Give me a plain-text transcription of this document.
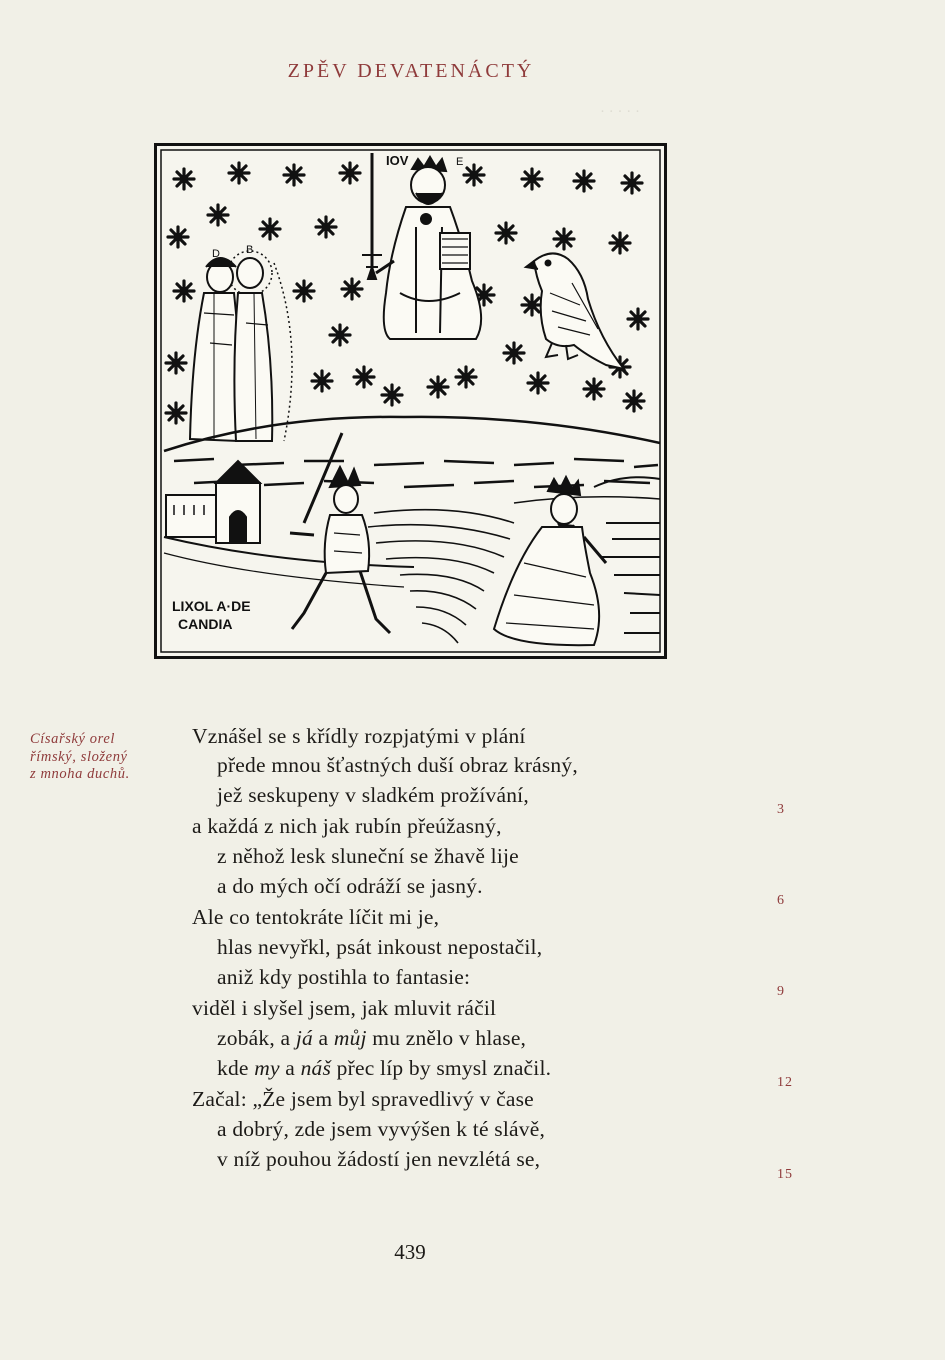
· · · · ·
ZPĚV DEVATENÁCTÝ
IOV	E
D B
LIXOL A·DE
CANDIA
Císařský orel
římský, složený
z mnoha duchů.
Vznášel se s křídly rozpjatými v plání
přede mnou šťastných duší obraz krásný,
jež seskupeny v sladkém prožívání,
a každá z nich jak rubín přeúžasný,
z něhož lesk sluneční se žhavě lije
a do mých očí odráží se jasný.
Ale co tentokráte líčit mi je,
hlas nevyřkl, psát inkoust nepostačil,
aniž kdy postihla to fantasie:
viděl i slyšel jsem, jak mluvit ráčil
zobák, a já a můj mu znělo v hlase,
kde my a náš přec líp by smysl značil.
Začal: „Že jsem byl spravedlivý v čase
a dobrý, zde jsem vyvýšen k té slávě,
v níž pouhou žádostí jen nevzlétá se,
3
6
9
12
15
439
